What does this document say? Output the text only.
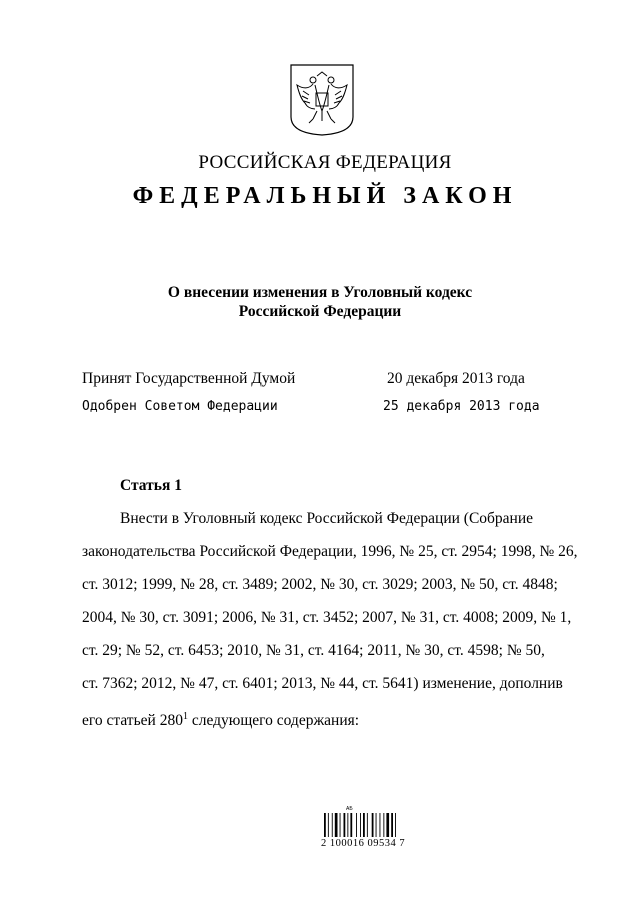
РОССИЙСКАЯ ФЕДЕРАЦИЯ
ФЕДЕРАЛЬНЫЙ ЗАКОН
О внесении изменения в Уголовный кодекс
Российской Федерации
Принят Государственной Думой	20 декабря 2013 года
Одобрен Советом Федерации	25 декабря 2013 года
Статья 1
Внести в Уголовный кодекс Российской Федерации (Собрание
законодательства Российской Федерации, 1996, № 25, ст. 2954; 1998, № 26,
ст. 3012; 1999, № 28, ст. 3489; 2002, № 30, ст. 3029; 2003, № 50, ст. 4848;
2004, № 30, ст. 3091; 2006, № 31, ст. 3452; 2007, № 31, ст. 4008; 2009, № 1,
ст. 29; № 52, ст. 6453; 2010, № 31, ст. 4164; 2011, № 30, ст. 4598; № 50,
ст. 7362; 2012, № 47, ст. 6401; 2013, № 44, ст. 5641) изменение, дополнив
его статьей $280^1$ следующего содержания:
АБ
2 100016 09534 7
